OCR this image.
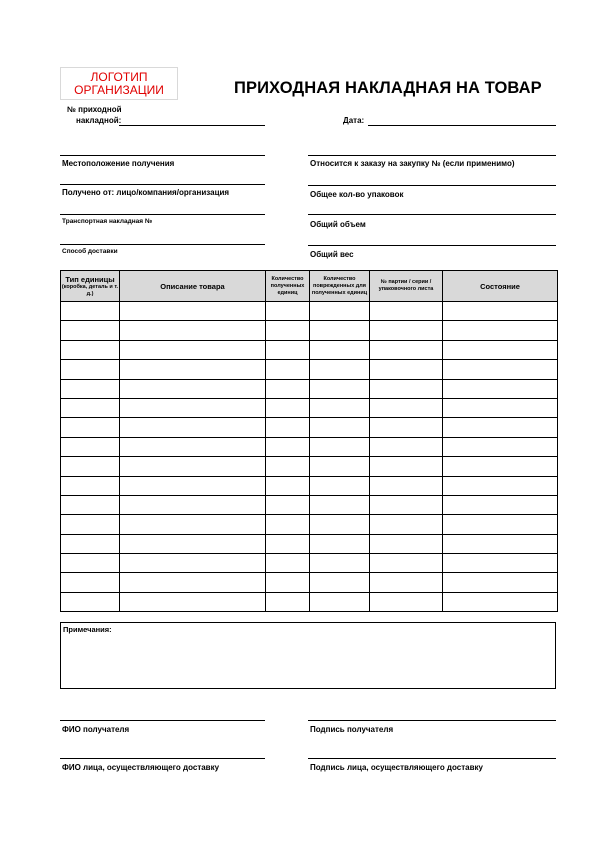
ЛОГОТИП
ОРГАНИЗАЦИИ	ПРИХОДНАЯ НАКЛАДНАЯ НА ТОВАР
№ приходной
накладной:	Дата:
Местоположение получения	Относится к заказу на закупку № (если применимо)
Получено от: лицо/компания/организация	Общее кол-во упаковок
Транспортная накладная №	Общий объем
Способ доставки	Общий вес
Тип единицы
(коробка, деталь и т. д.)	Описание товара	Количество полученных единиц	Количество поврежденных для полученных единиц	№ партии / серии / упаковочного листа	Состояние

Примечания:
ФИО получателя	Подпись получателя
ФИО лица, осуществляющего доставку	Подпись лица, осуществляющего доставку
